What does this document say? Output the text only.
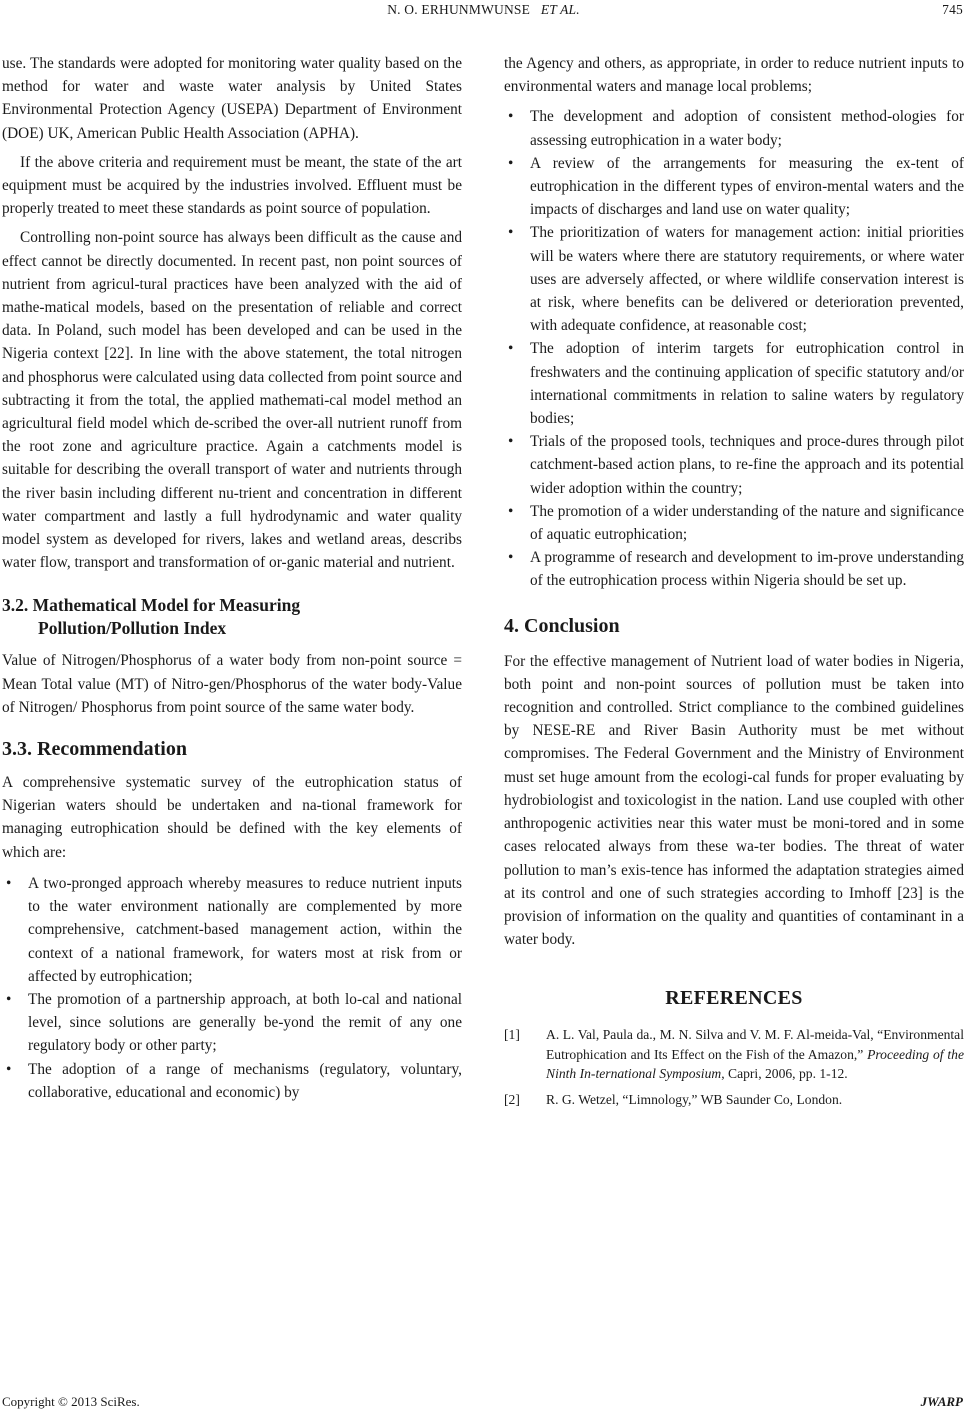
N. O. ERHUNMWUNSE ET AL.	745

use. The standards were adopted for monitoring water quality based on the method for water and waste water analysis by United States Environmental Protection Agency (USEPA) Department of Environment (DOE) UK, American Public Health Association (APHA).

If the above criteria and requirement must be meant, the state of the art equipment must be acquired by the industries involved. Effluent must be properly treated to meet these standards as point source of population.

Controlling non-point source has always been difficult as the cause and effect cannot be directly documented. In recent past, non point sources of nutrient from agricul-tural practices have been analyzed with the aid of mathe-matical models, based on the presentation of reliable and correct data. In Poland, such model has been developed and can be used in the Nigeria context [22]. In line with the above statement, the total nitrogen and phosphorus were calculated using data collected from point source and subtracting it from the total, the applied mathemati-cal model method an agricultural field model which de-scribed the over-all nutrient runoff from the root zone and agriculture practice. Again a catchments model is suitable for describing the overall transport of water and nutrients through the river basin including different nu-trient and concentration in different water compartment and lastly a full hydrodynamic and water quality model system as developed for rivers, lakes and wetland areas, describs water flow, transport and transformation of or-ganic material and nutrient.

3.2. Mathematical Model for Measuring
Pollution/Pollution Index

Value of Nitrogen/Phosphorus of a water body from non-point source = Mean Total value (MT) of Nitro-gen/Phosphorus of the water body-Value of Nitrogen/ Phosphorus from point source of the same water body.

3.3. Recommendation

A comprehensive systematic survey of the eutrophication status of Nigerian waters should be undertaken and na-tional framework for managing eutrophication should be defined with the key elements of which are:

• A two-pronged approach whereby measures to reduce nutrient inputs to the water environment nationally are complemented by more comprehensive, catchment-based management action, within the context of a national framework, for waters most at risk from or affected by eutrophication;

• The promotion of a partnership approach, at both lo-cal and national level, since solutions are generally be-yond the remit of any one regulatory body or other party;

• The adoption of a range of mechanisms (regulatory, voluntary, collaborative, educational and economic) by

the Agency and others, as appropriate, in order to reduce nutrient inputs to environmental waters and manage local problems;

• The development and adoption of consistent method-ologies for assessing eutrophication in a water body;

• A review of the arrangements for measuring the ex-tent of eutrophication in the different types of environ-mental waters and the impacts of discharges and land use on water quality;

• The prioritization of waters for management action: initial priorities will be waters where there are statutory requirements, or where water uses are adversely affected, or where wildlife conservation interest is at risk, where benefits can be delivered or deterioration prevented, with adequate confidence, at reasonable cost;

• The adoption of interim targets for eutrophication control in freshwaters and the continuing application of specific statutory and/or international commitments in relation to saline waters by regulatory bodies;

• Trials of the proposed tools, techniques and proce-dures through pilot catchment-based action plans, to re-fine the approach and its potential wider adoption within the country;

• The promotion of a wider understanding of the nature and significance of aquatic eutrophication;

• A programme of research and development to im-prove understanding of the eutrophication process within Nigeria should be set up.

4. Conclusion

For the effective management of Nutrient load of water bodies in Nigeria, both point and non-point sources of pollution must be taken into recognition and controlled. Strict compliance to the combined guidelines by NESE-RE and River Basin Authority must be met without compromises. The Federal Government and the Ministry of Environment must set huge amount from the ecologi-cal funds for proper evaluating by hydrobiologist and toxicologist in the nation. Land use coupled with other anthropogenic activities near this water must be moni-tored and in some cases relocated always from these wa-ter bodies. The threat of water pollution to man’s exis-tence has informed the adaptation strategies aimed at its control and one of such strategies according to Imhoff [23] is the provision of information on the quality and quantities of contaminant in a water body.

REFERENCES
[1] A. L. Val, Paula da., M. N. Silva and V. M. F. Al-meida-Val, “Environmental Eutrophication and Its Effect on the Fish of the Amazon,” Proceeding of the Ninth In-ternational Symposium, Capri, 2006, pp. 1-12.
[2] R. G. Wetzel, “Limnology,” WB Saunder Co, London.
Copyright © 2013 SciRes.	JWARP
